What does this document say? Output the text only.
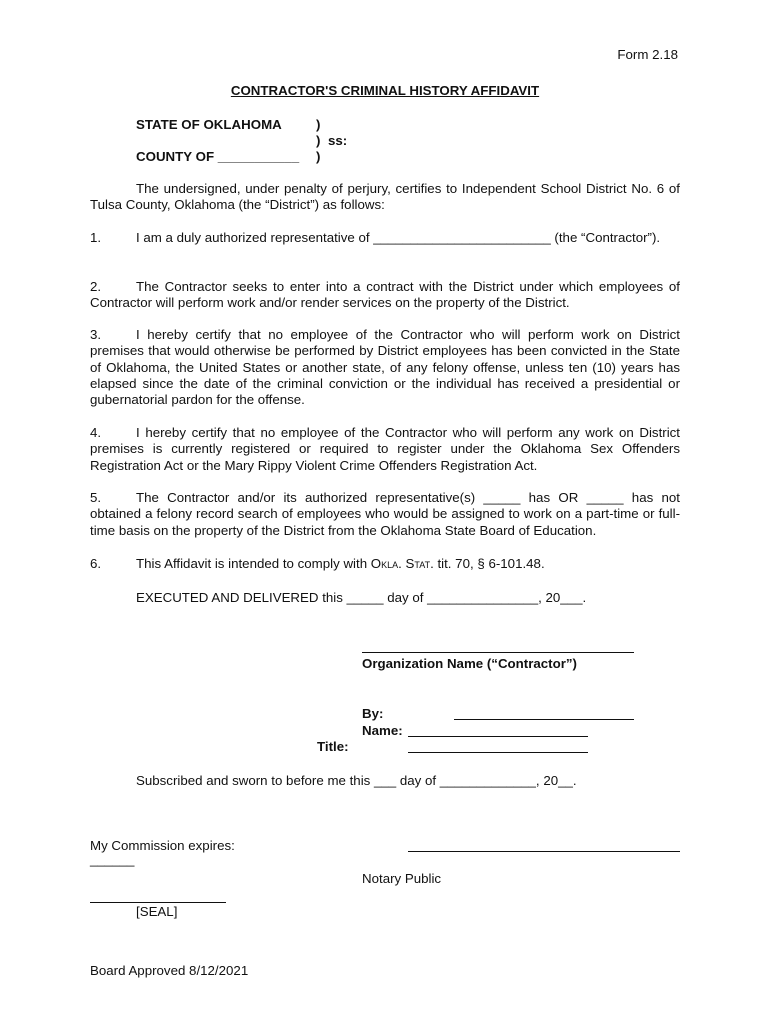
Form 2.18
CONTRACTOR'S CRIMINAL HISTORY AFFIDAVIT
STATE OF OKLAHOMA
COUNTY OF ___________
)
) ss:
)

The undersigned, under penalty of perjury, certifies to Independent School District No. 6 of Tulsa County, Oklahoma (the “District”) as follows:

1.	I am a duly authorized representative of ________________________ (the “Contractor”).

2.	The Contractor seeks to enter into a contract with the District under which employees of Contractor will perform work and/or render services on the property of the District.

3.	I hereby certify that no employee of the Contractor who will perform work on District premises that would otherwise be performed by District employees has been convicted in the State of Oklahoma, the United States or another state, of any felony offense, unless ten (10) years has elapsed since the date of the criminal conviction or the individual has received a presidential or gubernatorial pardon for the offense.

4.	I hereby certify that no employee of the Contractor who will perform any work on District premises is currently registered or required to register under the Oklahoma Sex Offenders Registration Act or the Mary Rippy Violent Crime Offenders Registration Act.

5.	The Contractor and/or its authorized representative(s) _____ has OR _____ has not obtained a felony record search of employees who would be assigned to work on a part-time or full-time basis on the property of the District from the Oklahoma State Board of Education.

6.	This Affidavit is intended to comply with Okla. Stat. tit. 70, § 6-101.48.

EXECUTED AND DELIVERED this _____ day of _______________, 20___.
Organization Name (“Contractor”)
By:
Name:
Title:
Subscribed and sworn to before me this ___ day of _____________, 20__.
My Commission expires:
______
Notary Public
[SEAL]
Board Approved 8/12/2021
